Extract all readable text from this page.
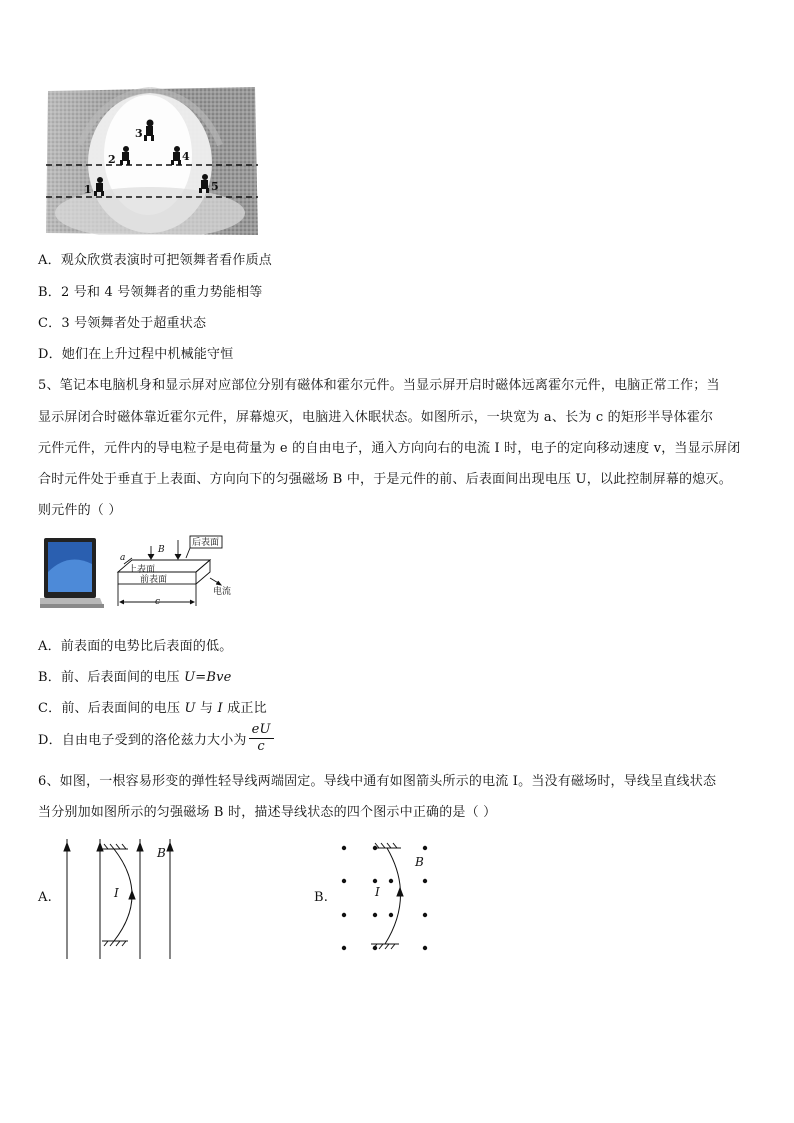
3
2	4
1	5
A．观众欣赏表演时可把领舞者看作质点
B．2 号和 4 号领舞者的重力势能相等
C．3 号领舞者处于超重状态
D．她们在上升过程中机械能守恒
5、笔记本电脑机身和显示屏对应部位分别有磁体和霍尔元件。当显示屏开启时磁体远离霍尔元件，电脑正常工作；当
显示屏闭合时磁体靠近霍尔元件，屏幕熄灭，电脑进入休眠状态。如图所示，一块宽为 a、长为 c 的矩形半导体霍尔
元件元件，元件内的导电粒子是电荷量为 e 的自由电子，通入方向向右的电流 I 时，电子的定向移动速度 v，当显示屏闭
合时元件处于垂直于上表面、方向向下的匀强磁场 B 中，于是元件的前、后表面间出现电压 U，以此控制屏幕的熄灭。
则元件的（ ）
a
B
后表面
上表面
前表面
c
电流
A．前表面的电势比后表面的低。
B．前、后表面间的电压 U=Bve
C．前、后表面间的电压 U 与 I 成正比
D．自由电子受到的洛伦兹力大小为 $\frac{eU}{c}$
6、如图，一根容易形变的弹性轻导线两端固定。导线中通有如图箭头所示的电流 I。当没有磁场时，导线呈直线状态
当分别加如图所示的匀强磁场 B 时，描述导线状态的四个图示中正确的是（ ）
A.
B
I	B.
B
I
